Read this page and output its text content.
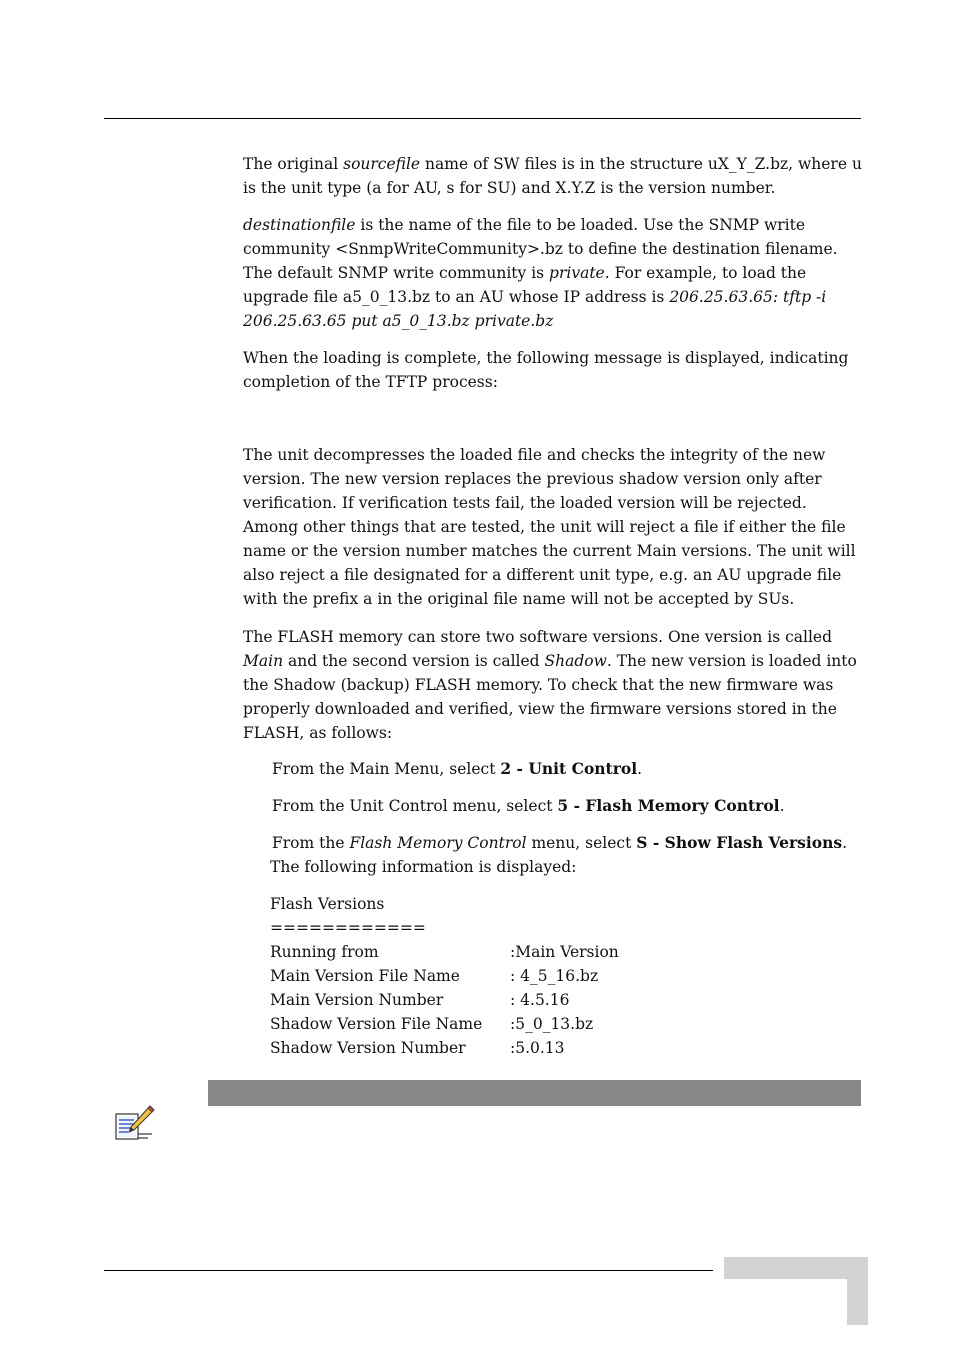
The original sourcefile name of SW files is in the structure uX_Y_Z.bz, where u is the unit type (a for AU, s for SU) and X.Y.Z is the version number.

destinationfile is the name of the file to be loaded. Use the SNMP write community <SnmpWriteCommunity>.bz to define the destination filename. The default SNMP write community is private. For example, to load the upgrade file a5_0_13.bz to an AU whose IP address is 206.25.63.65: tftp -i 206.25.63.65 put a5_0_13.bz private.bz

When the loading is complete, the following message is displayed, indicating completion of the TFTP process:

The unit decompresses the loaded file and checks the integrity of the new version. The new version replaces the previous shadow version only after verification. If verification tests fail, the loaded version will be rejected. Among other things that are tested, the unit will reject a file if either the file name or the version number matches the current Main versions. The unit will also reject a file designated for a different unit type, e.g. an AU upgrade file with the prefix a in the original file name will not be accepted by SUs.

The FLASH memory can store two software versions. One version is called Main and the second version is called Shadow. The new version is loaded into the Shadow (backup) FLASH memory. To check that the new firmware was properly downloaded and verified, view the firmware versions stored in the FLASH, as follows:

From the Main Menu, select 2 - Unit Control.

From the Unit Control menu, select 5 - Flash Memory Control.

From the Flash Memory Control menu, select S - Show Flash Versions. The following information is displayed:

Flash Versions
============
Running from	:Main Version
Main Version File Name	: 4_5_16.bz
Main Version Number	: 4.5.16
Shadow Version File Name :5_0_13.bz
Shadow Version Number	:5.0.13
